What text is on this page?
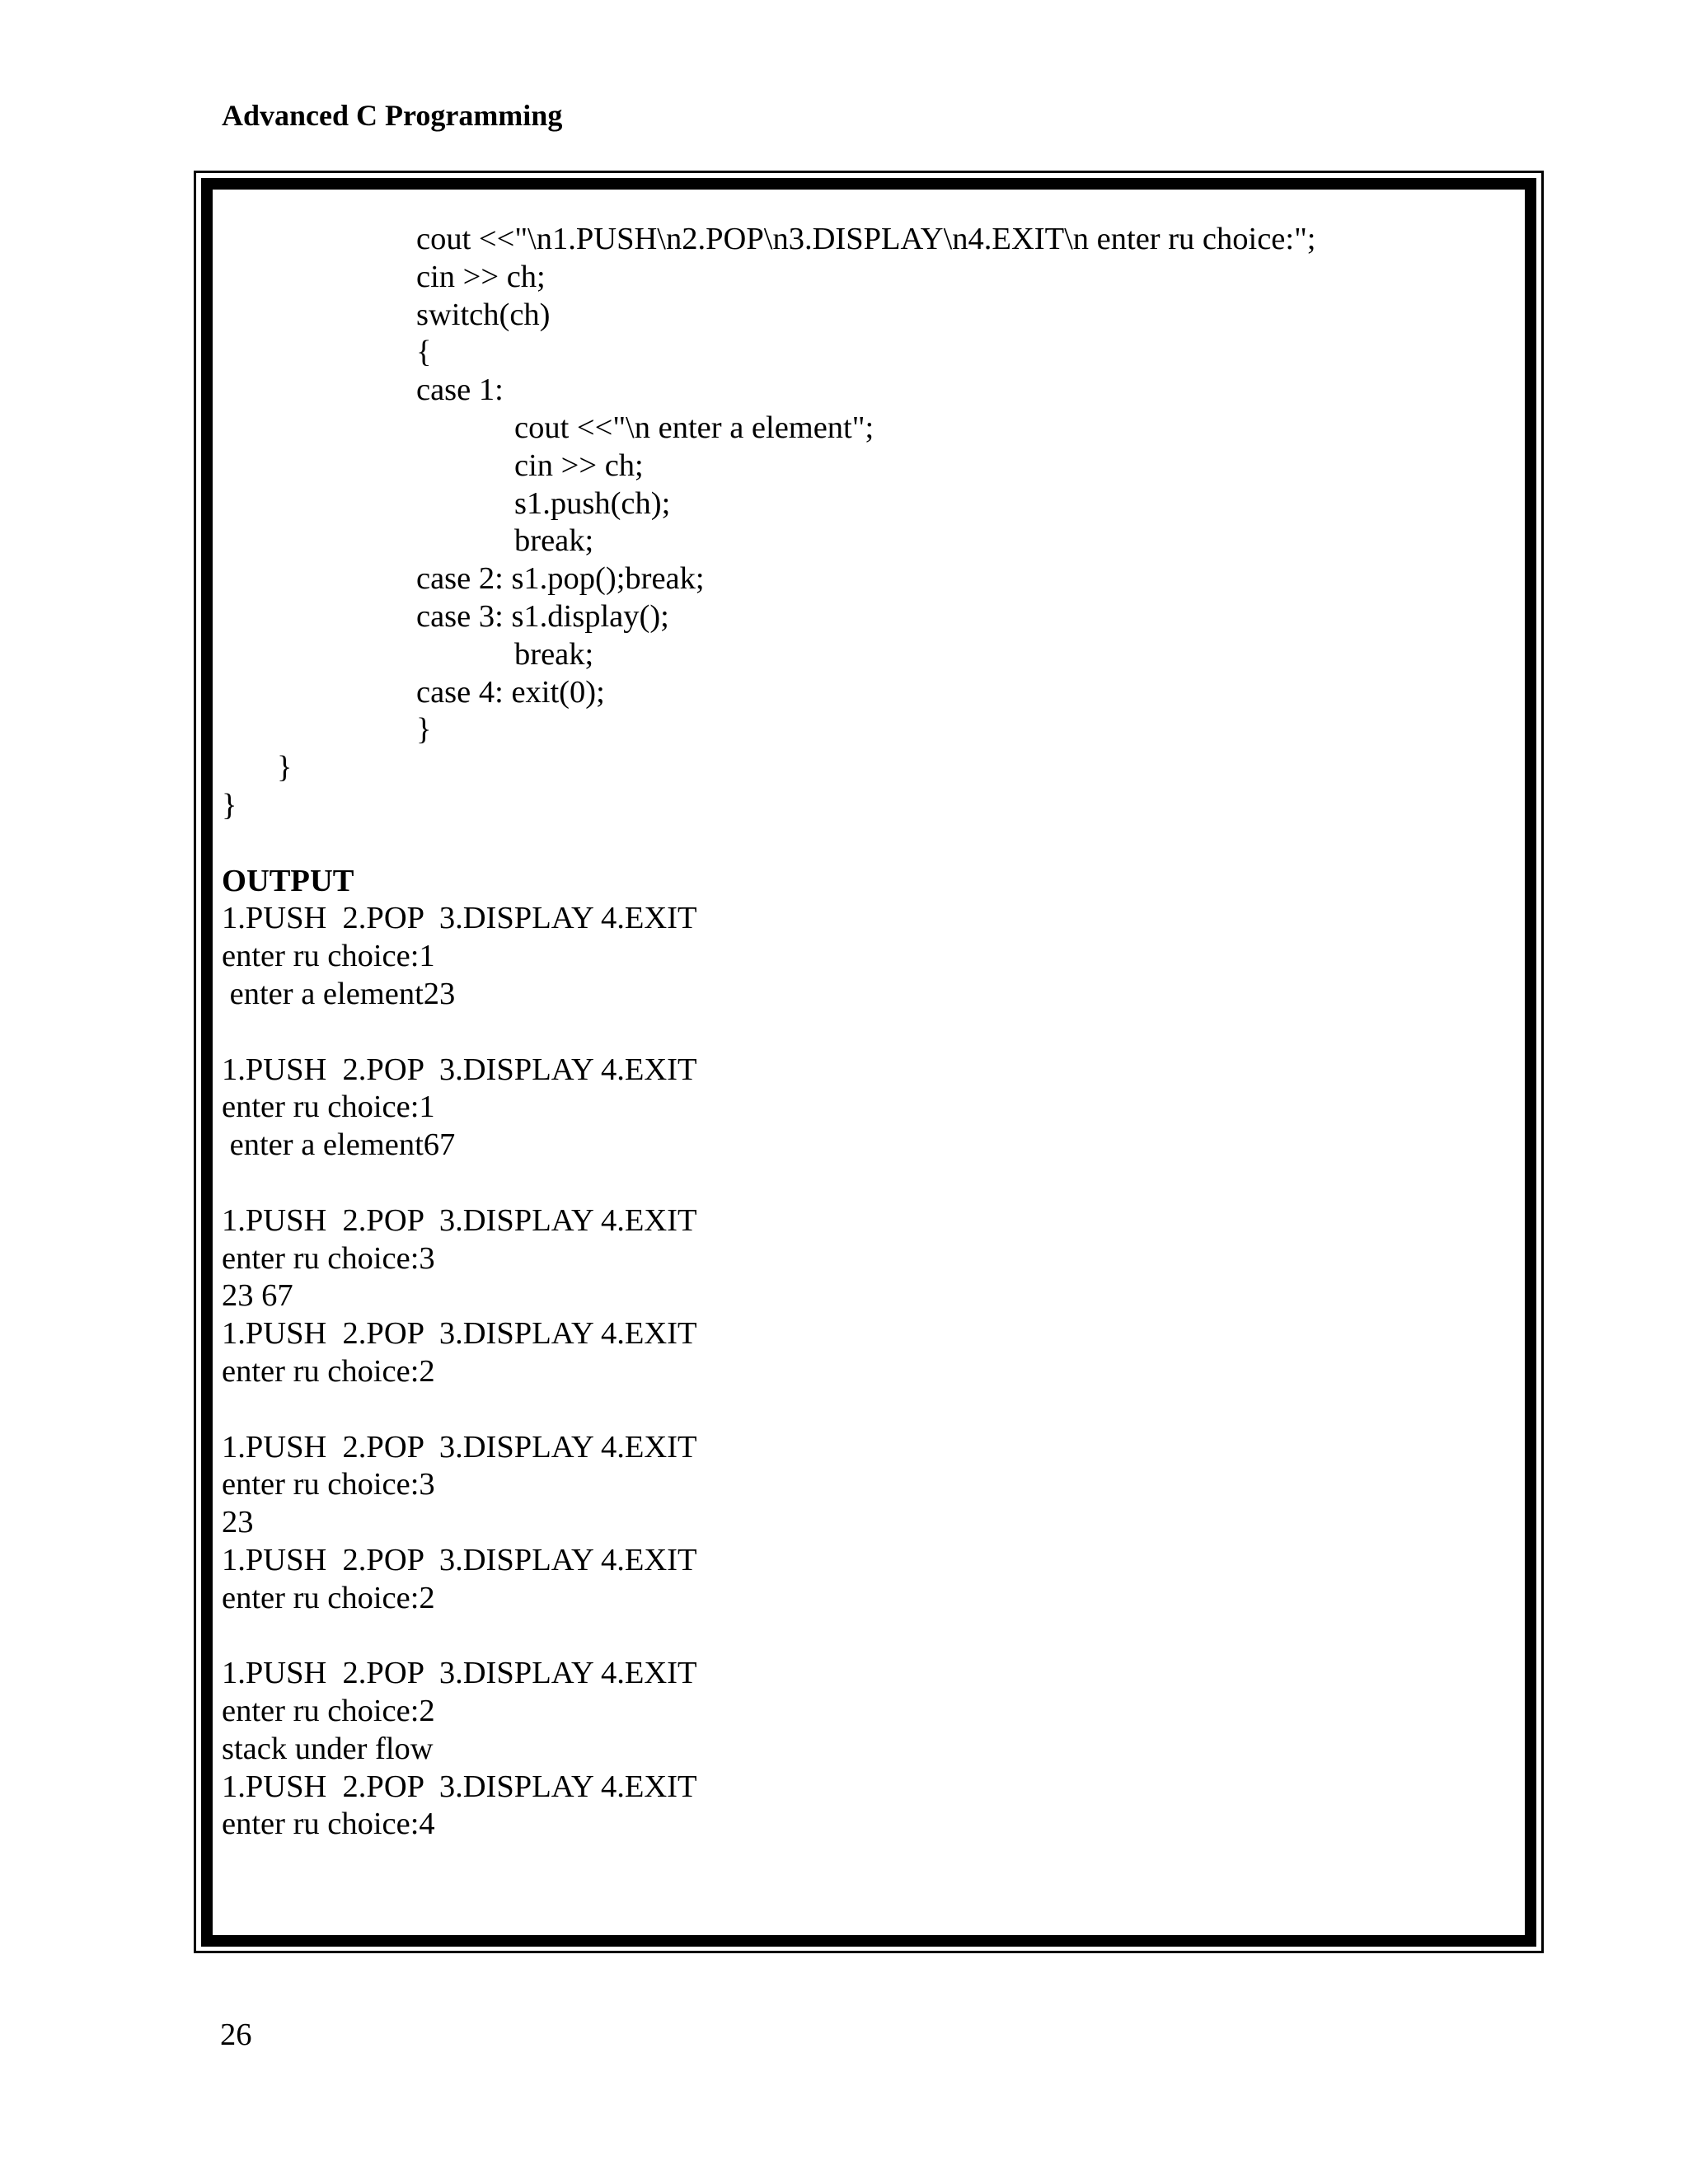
Advanced C Programming
cout <<"\n1.PUSH\n2.POP\n3.DISPLAY\n4.EXIT\n enter ru choice:";
cin >> ch;
switch(ch)
{
case 1:
cout <<"\n enter a element";
cin >> ch;
s1.push(ch);
break;
case 2: s1.pop();break;
case 3: s1.display();
break;
case 4: exit(0);
}
}
}
OUTPUT
1.PUSH  2.POP  3.DISPLAY 4.EXIT
enter ru choice:1
enter a element23
1.PUSH  2.POP  3.DISPLAY 4.EXIT
enter ru choice:1
enter a element67
1.PUSH  2.POP  3.DISPLAY 4.EXIT
enter ru choice:3
23 67
1.PUSH  2.POP  3.DISPLAY 4.EXIT
enter ru choice:2
1.PUSH  2.POP  3.DISPLAY 4.EXIT
enter ru choice:3
23
1.PUSH  2.POP  3.DISPLAY 4.EXIT
enter ru choice:2
1.PUSH  2.POP  3.DISPLAY 4.EXIT
enter ru choice:2
stack under flow
1.PUSH  2.POP  3.DISPLAY 4.EXIT
enter ru choice:4
26
